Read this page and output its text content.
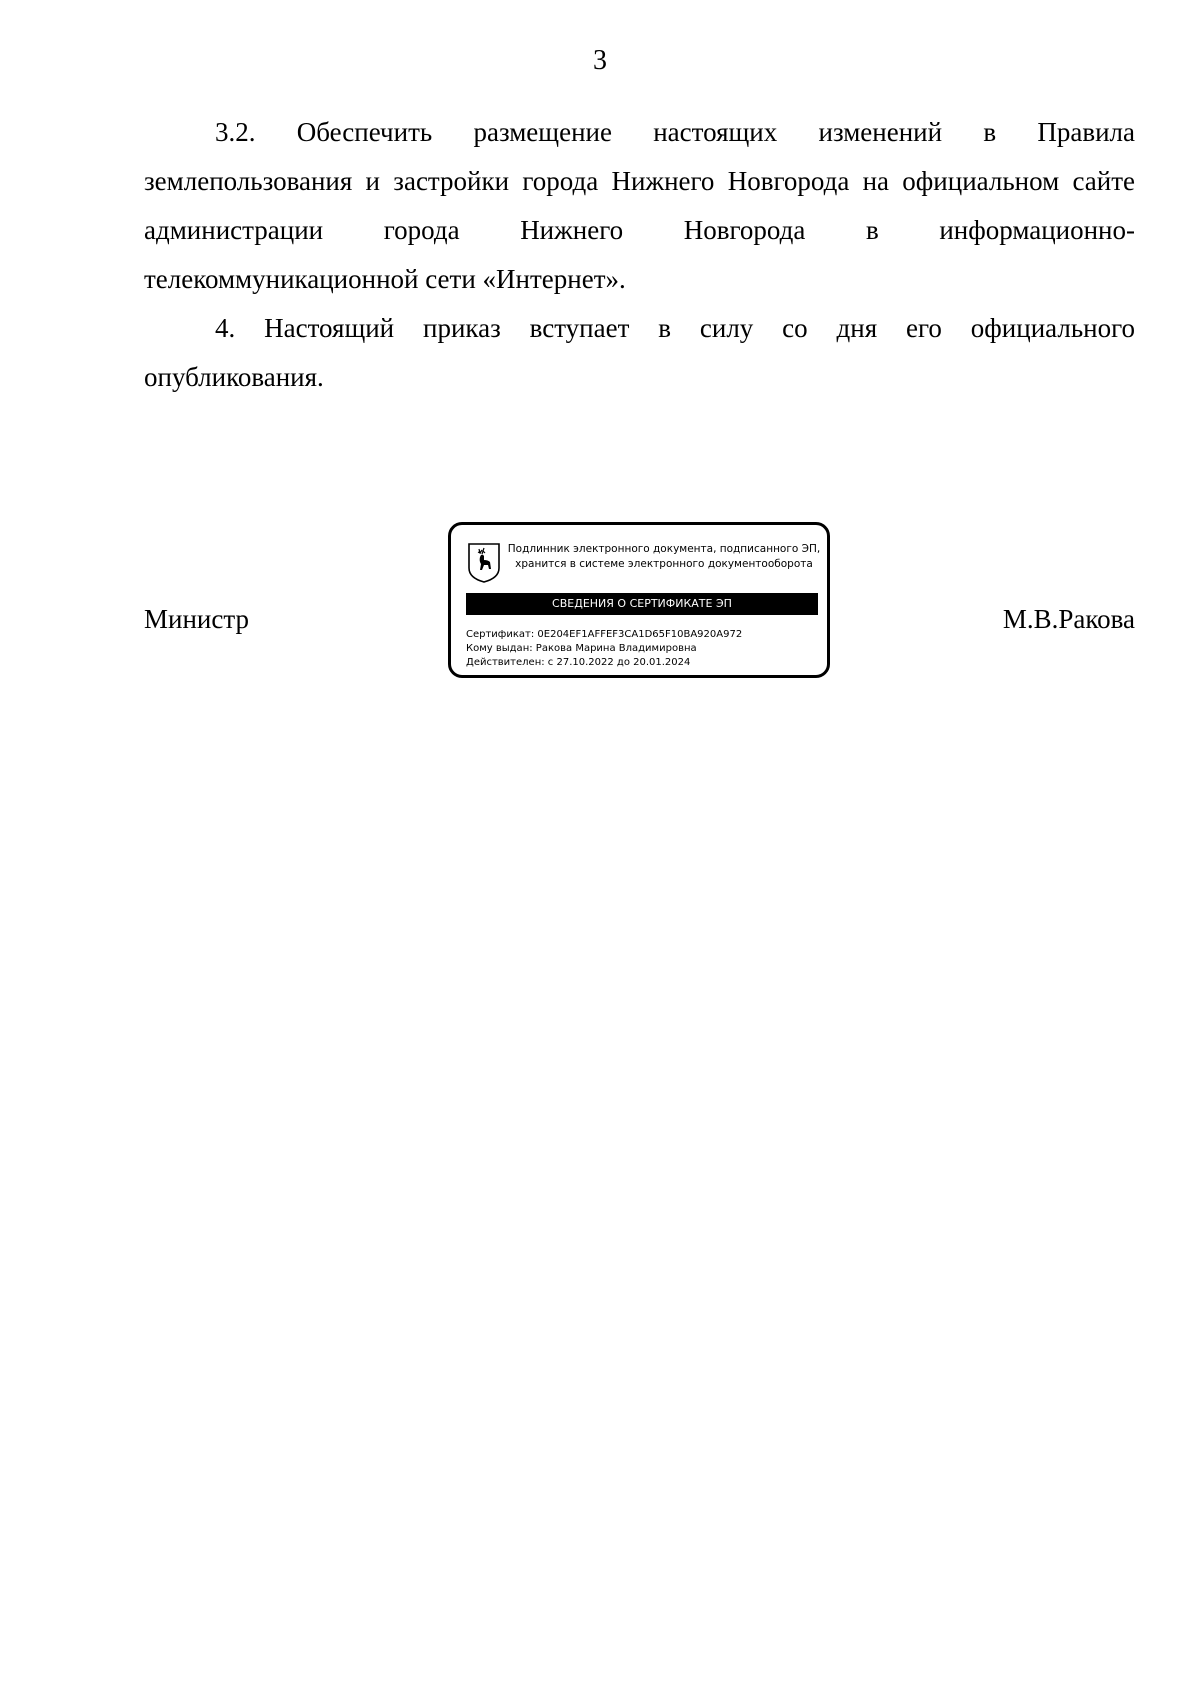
3

3.2. Обеспечить размещение настоящих изменений в Правила землепользования и застройки города Нижнего Новгорода на официальном сайте администрации города Нижнего Новгорода в информационно-

телекоммуникационной сети «Интернет».

4. Настоящий приказ вступает в силу со дня его официального

опубликования.

Министр	М.В.Ракова
Подлинник электронного документа, подписанного ЭП,
хранится в системе электронного документооборота
СВЕДЕНИЯ О СЕРТИФИКАТЕ ЭП
Сертификат: 0E204EF1AFFEF3CA1D65F10BA920A972
Кому выдан: Ракова Марина Владимировна
Действителен: с 27.10.2022 до 20.01.2024
